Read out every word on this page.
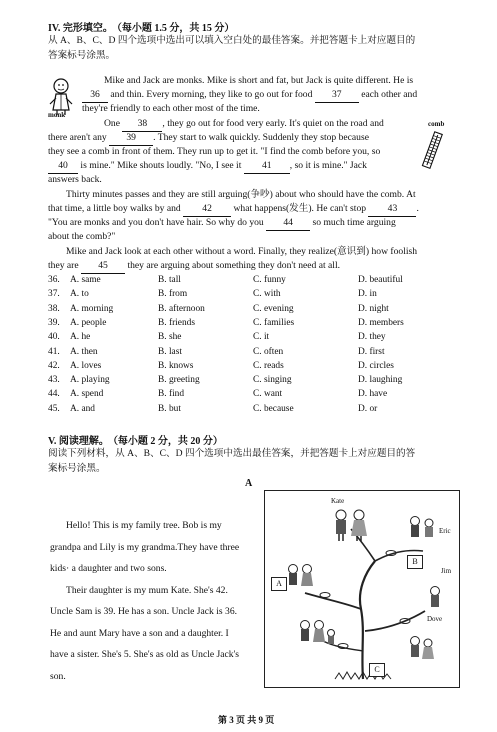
IV. 完形填空。 （每小题 1.5 分，共 15 分）
从 A、B、C、D 四个选项中选出可以填入空白处的最佳答案。并把答题卡上对应题目的
答案标号涂黑。
monk
comb
Mike and Jack are monks. Mike is short and fat, but Jack is quite different. He is
36 and thin. Every morning, they like to go out for food 37 each other and
they're friendly to each other most of the time.
One 38 , they go out for food very early. It's quiet on the road and
there aren't any 39 . They start to walk quickly. Suddenly they stop because
they see a comb in front of them. They run up to get it. "I find the comb before you, so
40 is mine." Mike shouts loudly. "No, I see it 41 , so it is mine." Jack
answers back.
Thirty minutes passes and they are still arguing(争吵) about who should have the comb. At
that time, a little boy walks by and 42 what happens(发生). He can't stop 43 .
"You are monks and you don't have hair. So why do you 44 so much time arguing
about the comb?"
Mike and Jack look at each other without a word. Finally, they realize(意识到) how foolish
they are 45 they are arguing about something they don't need at all.
36. A. same	B. tall	C. funny	D. beautiful
37. A. to	B. from	C. with	D. in
38. A. morning	B. afternoon	C. evening	D. night
39. A. people	B. friends	C. families	D. members
40. A. he	B. she	C. it	D. they
41. A. then	B. last	C. often	D. first
42. A. loves	B. knows	C. reads	D. circles
43. A. playing	B. greeting	C. singing	D. laughing
44. A. spend	B. find	C. want	D. have
45. A. and	B. but	C. because	D. or
V. 阅读理解。 （每小题 2 分，共 20 分）
阅读下列材料，从 A、B、C、D 四个选项中选出最佳答案，并把答题卡上对应题目的答
案标号涂黑。
A
Hello! This is my family tree. Bob is my
grandpa and Lily is my grandma.They have three
kids· a daughter and two sons.
Their daughter is my mum Kate. She's 42.
Uncle Sam is 39. He has a son. Uncle Jack is 36.
He and aunt Mary have a son and a daughter. I
have a sister. She's 5. She's as old as Uncle Jack's
son.
Kate
Eric
Jim
Dove
A
B
C
第 3 页 共 9 页
